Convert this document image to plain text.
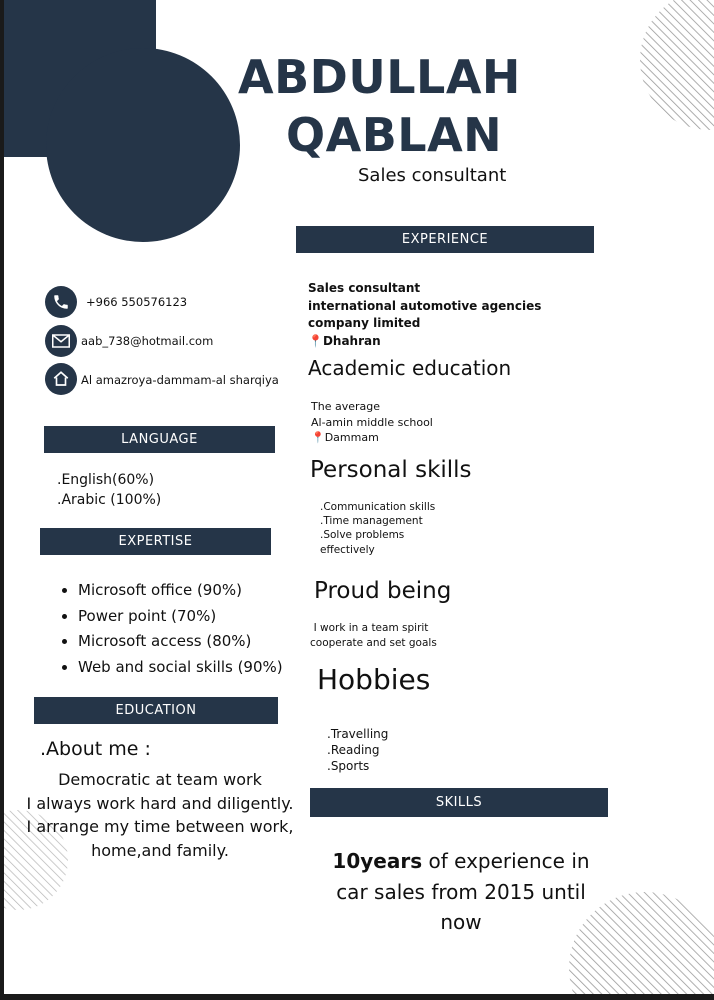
ABDULLAH
QABLAN
Sales consultant
+966 550576123
aab_738@hotmail.com
Al amazroya-dammam-al sharqiya
LANGUAGE
.English(60%)
.Arabic (100%)
EXPERTISE
• Microsoft office (90%)
• Power point (70%)
• Microsoft access (80%)
• Web and social skills (90%)
EDUCATION
.About me :
Democratic at team work
I always work hard and diligently.
I arrange my time between work,
home,and family.
EXPERIENCE
Sales consultant
international automotive agencies
company limited
📍Dhahran
Academic education
The average
Al-amin middle school
📍Dammam
Personal skills
.Communication skills
.Time management
.Solve problems
effectively
Proud being
I work in a team spirit
cooperate and set goals
Hobbies
.Travelling
.Reading
.Sports
SKILLS
10years of experience in
car sales from 2015 until
now
